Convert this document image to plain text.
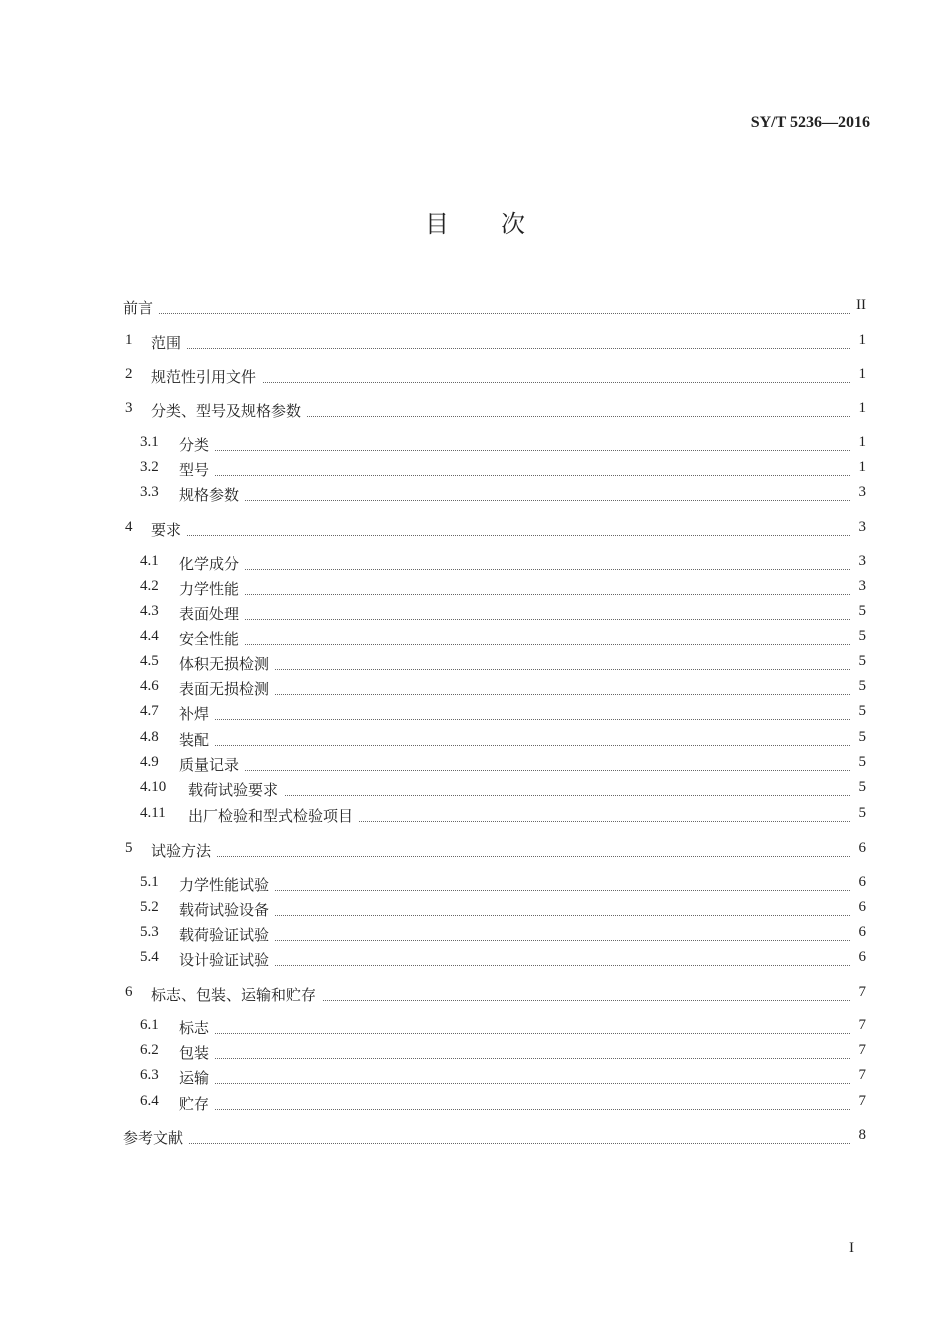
SY/T 5236—2016
目次
前言	II
1 范围	1
2 规范性引用文件	1
3 分类、型号及规格参数	1
3.1 分类	1
3.2 型号	1
3.3 规格参数	3
4 要求	3
4.1 化学成分	3
4.2 力学性能	3
4.3 表面处理	5
4.4 安全性能	5
4.5 体积无损检测	5
4.6 表面无损检测	5
4.7 补焊	5
4.8 装配	5
4.9 质量记录	5
4.10 载荷试验要求	5
4.11 出厂检验和型式检验项目	5
5 试验方法	6
5.1 力学性能试验	6
5.2 载荷试验设备	6
5.3 载荷验证试验	6
5.4 设计验证试验	6
6 标志、包装、运输和贮存	7
6.1 标志	7
6.2 包装	7
6.3 运输	7
6.4 贮存	7
参考文献	8
I
